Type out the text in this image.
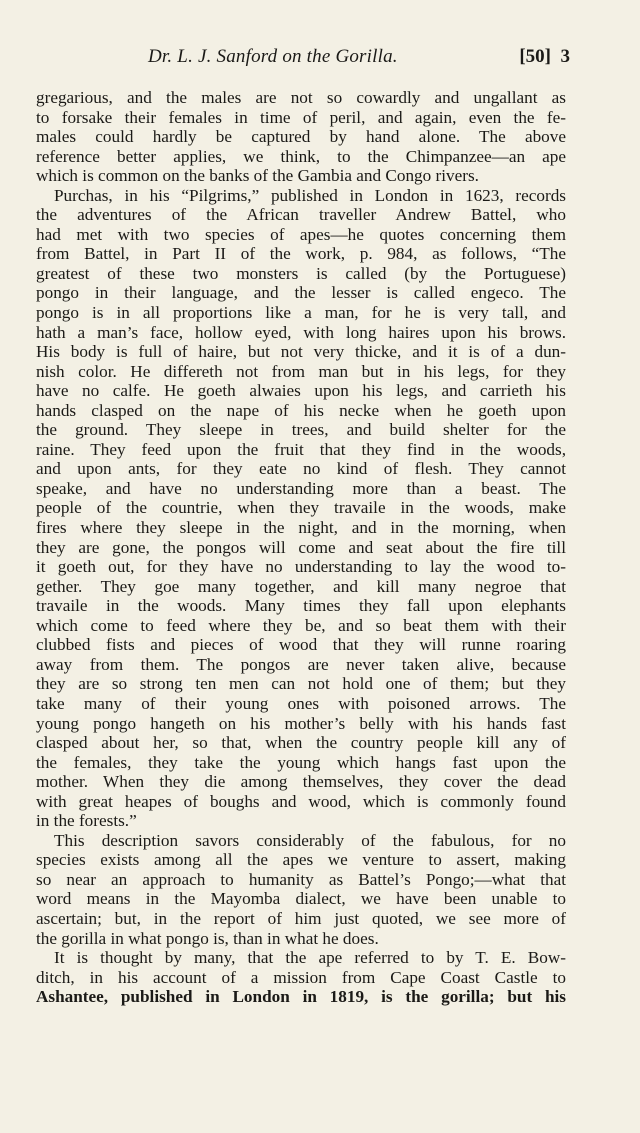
Dr. L. J. Sanford on the Gorilla.	[50]  3
gregarious, and the males are not so cowardly and ungallant as
to forsake their females in time of peril, and again, even the fe-
males could hardly be captured by hand alone. The above
reference better applies, we think, to the Chimpanzee—an ape
which is common on the banks of the Gambia and Congo rivers.
Purchas, in his “Pilgrims,” published in London in 1623, records
the adventures of the African traveller Andrew Battel, who
had met with two species of apes—he quotes concerning them
from Battel, in Part II of the work, p. 984, as follows, “The
greatest of these two monsters is called (by the Portuguese)
pongo in their language, and the lesser is called engeco. The
pongo is in all proportions like a man, for he is very tall, and
hath a man’s face, hollow eyed, with long haires upon his brows.
His body is full of haire, but not very thicke, and it is of a dun-
nish color. He differeth not from man but in his legs, for they
have no calfe. He goeth alwaies upon his legs, and carrieth his
hands clasped on the nape of his necke when he goeth upon
the ground. They sleepe in trees, and build shelter for the
raine. They feed upon the fruit that they find in the woods,
and upon ants, for they eate no kind of flesh. They cannot
speake, and have no understanding more than a beast. The
people of the countrie, when they travaile in the woods, make
fires where they sleepe in the night, and in the morning, when
they are gone, the pongos will come and seat about the fire till
it goeth out, for they have no understanding to lay the wood to-
gether. They goe many together, and kill many negroe that
travaile in the woods. Many times they fall upon elephants
which come to feed where they be, and so beat them with their
clubbed fists and pieces of wood that they will runne roaring
away from them. The pongos are never taken alive, because
they are so strong ten men can not hold one of them; but they
take many of their young ones with poisoned arrows. The
young pongo hangeth on his mother’s belly with his hands fast
clasped about her, so that, when the country people kill any of
the females, they take the young which hangs fast upon the
mother. When they die among themselves, they cover the dead
with great heapes of boughs and wood, which is commonly found
in the forests.”
This description savors considerably of the fabulous, for no
species exists among all the apes we venture to assert, making
so near an approach to humanity as Battel’s Pongo;—what that
word means in the Mayomba dialect, we have been unable to
ascertain; but, in the report of him just quoted, we see more of
the gorilla in what pongo is, than in what he does.
It is thought by many, that the ape referred to by T. E. Bow-
ditch, in his account of a mission from Cape Coast Castle to
Ashantee, published in London in 1819, is the gorilla; but his
